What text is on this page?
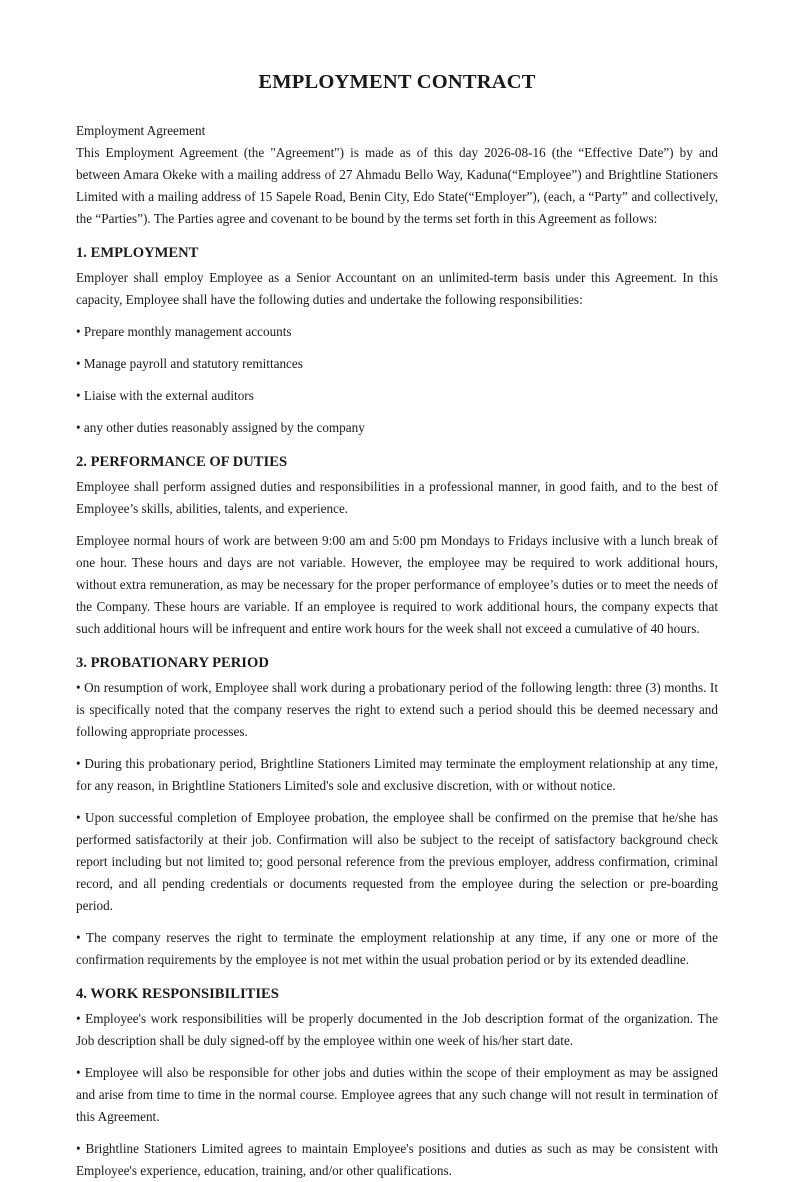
EMPLOYMENT CONTRACT
Employment Agreement

This Employment Agreement (the "Agreement") is made as of this day 2026-08-16 (the “Effective Date”) by and between Amara Okeke with a mailing address of 27 Ahmadu Bello Way, Kaduna(“Employee”) and Brightline Stationers Limited with a mailing address of 15 Sapele Road, Benin City, Edo State(“Employer”), (each, a “Party” and collectively, the “Parties”). The Parties agree and covenant to be bound by the terms set forth in this Agreement as follows:

1. EMPLOYMENT

Employer shall employ Employee as a Senior Accountant on an unlimited-term basis under this Agreement. In this capacity, Employee shall have the following duties and undertake the following responsibilities:

• Prepare monthly management accounts

• Manage payroll and statutory remittances

• Liaise with the external auditors

• any other duties reasonably assigned by the company

2. PERFORMANCE OF DUTIES

Employee shall perform assigned duties and responsibilities in a professional manner, in good faith, and to the best of Employee’s skills, abilities, talents, and experience.

Employee normal hours of work are between 9:00 am and 5:00 pm Mondays to Fridays inclusive with a lunch break of one hour. These hours and days are not variable. However, the employee may be required to work additional hours, without extra remuneration, as may be necessary for the proper performance of employee’s duties or to meet the needs of the Company. These hours are variable. If an employee is required to work additional hours, the company expects that such additional hours will be infrequent and entire work hours for the week shall not exceed a cumulative of 40 hours.

3. PROBATIONARY PERIOD

• On resumption of work, Employee shall work during a probationary period of the following length: three (3) months. It is specifically noted that the company reserves the right to extend such a period should this be deemed necessary and following appropriate processes.

• During this probationary period, Brightline Stationers Limited may terminate the employment relationship at any time, for any reason, in Brightline Stationers Limited's sole and exclusive discretion, with or without notice.

• Upon successful completion of Employee probation, the employee shall be confirmed on the premise that he/she has performed satisfactorily at their job. Confirmation will also be subject to the receipt of satisfactory background check report including but not limited to; good personal reference from the previous employer, address confirmation, criminal record, and all pending credentials or documents requested from the employee during the selection or pre-boarding period.

• The company reserves the right to terminate the employment relationship at any time, if any one or more of the confirmation requirements by the employee is not met within the usual probation period or by its extended deadline.

4. WORK RESPONSIBILITIES

• Employee's work responsibilities will be properly documented in the Job description format of the organization. The Job description shall be duly signed-off by the employee within one week of his/her start date.

• Employee will also be responsible for other jobs and duties within the scope of their employment as may be assigned and arise from time to time in the normal course. Employee agrees that any such change will not result in termination of this Agreement.

• Brightline Stationers Limited agrees to maintain Employee's positions and duties as such as may be consistent with Employee's experience, education, training, and/or other qualifications.
